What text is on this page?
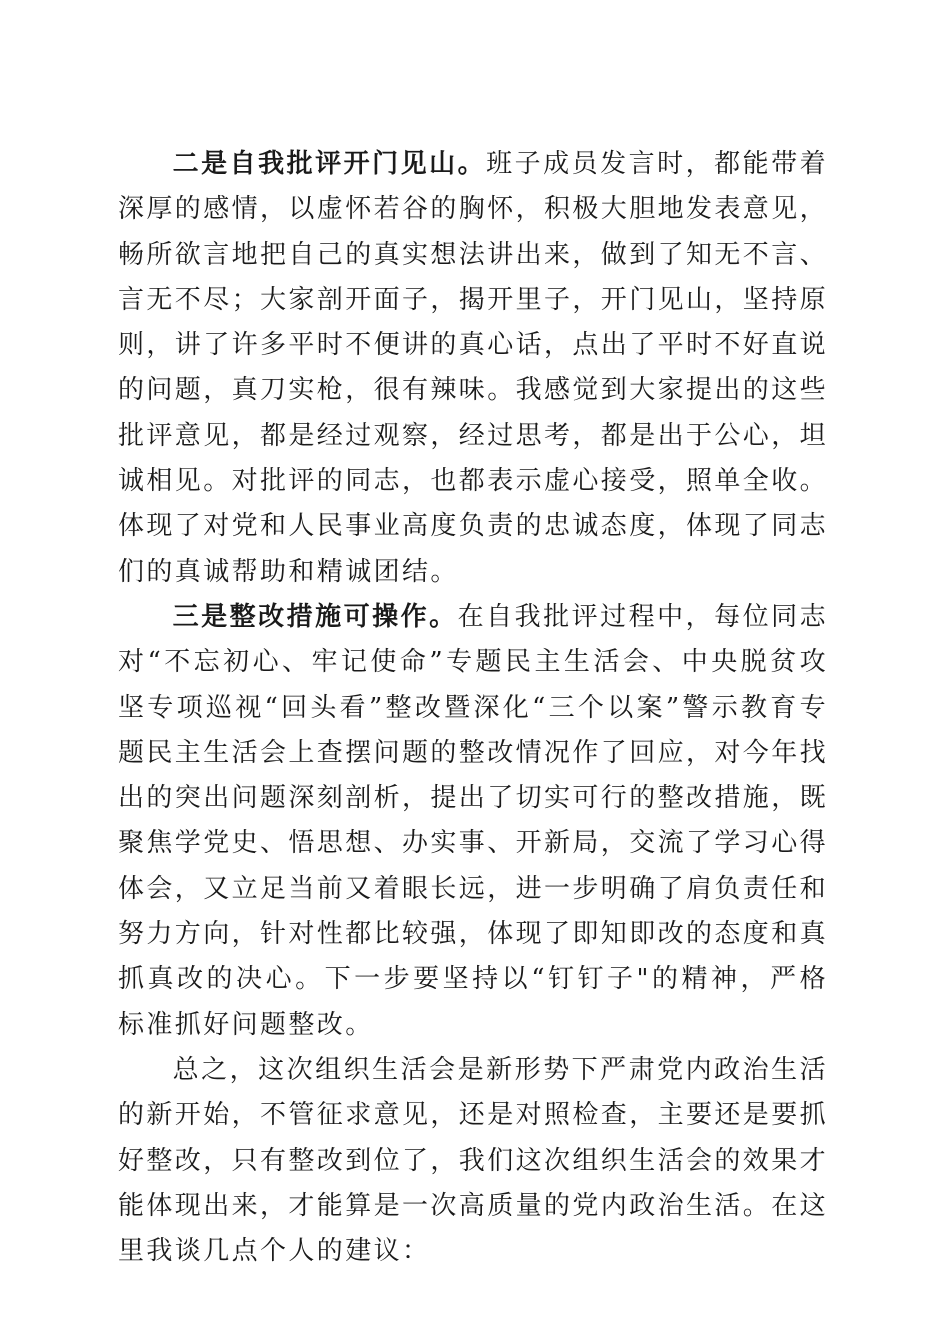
二是自我批评开门见山。班子成员发言时，都能带着深厚的感情，以虚怀若谷的胸怀，积极大胆地发表意见，畅所欲言地把自己的真实想法讲出来，做到了知无不言、言无不尽；大家剖开面子，揭开里子，开门见山，坚持原则，讲了许多平时不便讲的真心话，点出了平时不好直说的问题，真刀实枪，很有辣味。我感觉到大家提出的这些批评意见，都是经过观察，经过思考，都是出于公心，坦诚相见。对批评的同志，也都表示虚心接受，照单全收。体现了对党和人民事业高度负责的忠诚态度，体现了同志们的真诚帮助和精诚团结。

三是整改措施可操作。在自我批评过程中，每位同志对“不忘初心、牢记使命”专题民主生活会、中央脱贫攻坚专项巡视“回头看”整改暨深化“三个以案”警示教育专题民主生活会上查摆问题的整改情况作了回应，对今年找出的突出问题深刻剖析，提出了切实可行的整改措施，既聚焦学党史、悟思想、办实事、开新局，交流了学习心得体会，又立足当前又着眼长远，进一步明确了肩负责任和努力方向，针对性都比较强，体现了即知即改的态度和真抓真改的决心。下一步要坚持以“钉钉子"的精神，严格标准抓好问题整改。

总之，这次组织生活会是新形势下严肃党内政治生活的新开始，不管征求意见，还是对照检查，主要还是要抓好整改，只有整改到位了，我们这次组织生活会的效果才能体现出来，才能算是一次高质量的党内政治生活。在这里我谈几点个人的建议：
